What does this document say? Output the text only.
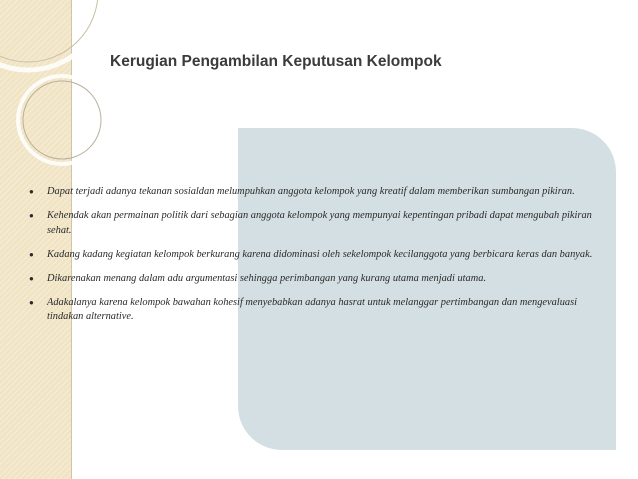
Kerugian Pengambilan Keputusan Kelompok
● Dapat terjadi adanya tekanan sosialdan melumpuhkan anggota kelompok yang kreatif dalam memberikan sumbangan pikiran.
● Kehendak akan permainan politik dari sebagian anggota kelompok yang mempunyai kepentingan pribadi dapat mengubah pikiran sehat.
● Kadang kadang kegiatan kelompok berkurang karena didominasi oleh sekelompok kecilanggota yang berbicara keras dan banyak.
● Dikarenakan menang dalam adu argumentasi sehingga perimbangan yang kurang utama menjadi utama.
● Adakalanya karena kelompok bawahan kohesif menyebabkan adanya hasrat untuk melanggar pertimbangan dan mengevaluasi tindakan alternative.
